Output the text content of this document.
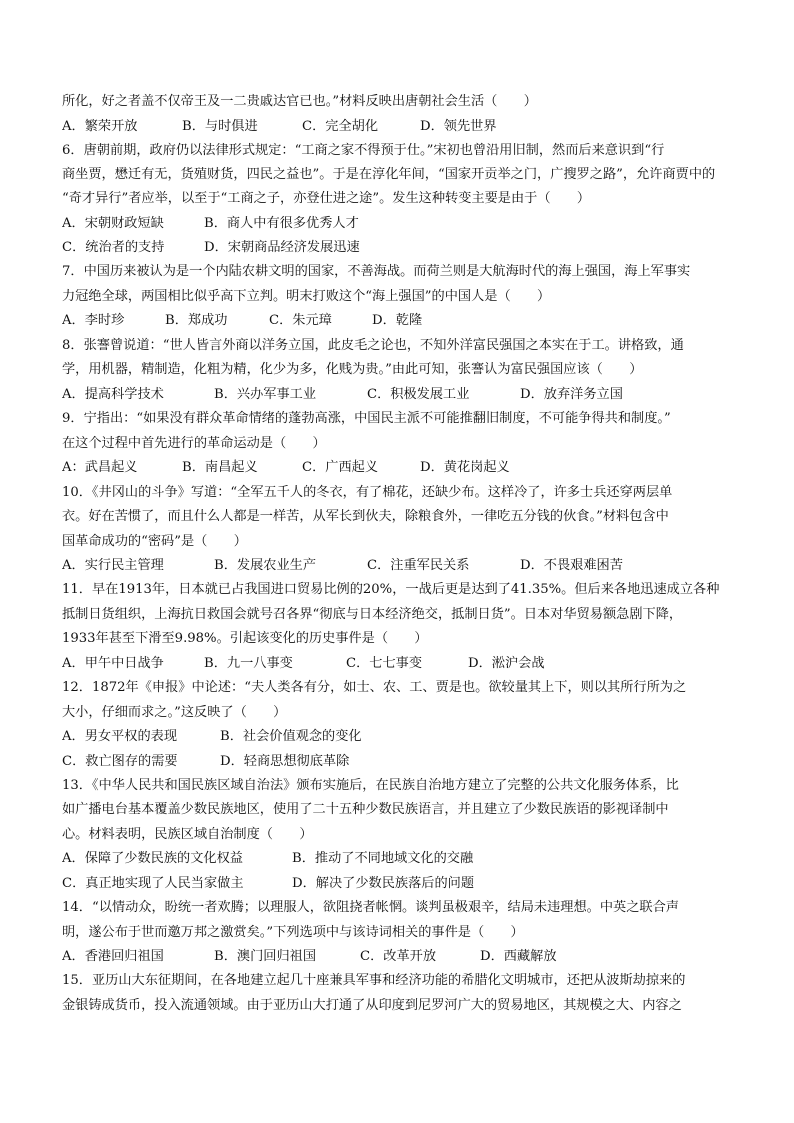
所化，好之者盖不仅帝王及一二贵戚达官已也。”材料反映出唐朝社会生活（　　）
A．繁荣开放	B．与时俱进	C．完全胡化	D．领先世界
6．唐朝前期，政府仍以法律形式规定：“工商之家不得预于仕。”宋初也曾沿用旧制，然而后来意识到“行
商坐贾，懋迁有无，货殖财货，四民之益也”。于是在淳化年间，“国家开贡举之门，广搜罗之路”，允许商贾中的
“奇才异行”者应举，以至于“工商之子，亦登仕进之途”。发生这种转变主要是由于（　　）
A．宋朝财政短缺	B．商人中有很多优秀人才
C．统治者的支持	D．宋朝商品经济发展迅速
7．中国历来被认为是一个内陆农耕文明的国家，不善海战。而荷兰则是大航海时代的海上强国，海上军事实
力冠绝全球，两国相比似乎高下立判。明末打败这个“海上强国”的中国人是（　　）
A．李时珍	B．郑成功	C．朱元璋	D．乾隆
8．张謇曾说道：“世人皆言外商以洋务立国，此皮毛之论也，不知外洋富民强国之本实在于工。讲格致，通
学，用机器，精制造，化粗为精，化少为多，化贱为贵。”由此可知，张謇认为富民强国应该（　　）
A．提高科学技术	B．兴办军事工业	C．积极发展工业	D．放弃洋务立国
9．宁指出：“如果没有群众革命情绪的蓬勃高涨，中国民主派不可能推翻旧制度，不可能争得共和制度。”
在这个过程中首先进行的革命运动是（　　）
A：武昌起义	B．南昌起义	C．广西起义	D．黄花岗起义
10．《井冈山的斗争》写道：“全军五千人的冬衣，有了棉花，还缺少布。这样冷了，许多士兵还穿两层单
衣。好在苦惯了，而且什么人都是一样苦，从军长到伙夫，除粮食外，一律吃五分钱的伙食。”材料包含中
国革命成功的“密码”是（　　）
A．实行民主管理	B．发展农业生产	C．注重军民关系	D．不畏艰难困苦
11．早在1913年，日本就已占我国进口贸易比例的20%，一战后更是达到了41.35%。但后来各地迅速成立各种
抵制日货组织，上海抗日救国会就号召各界“彻底与日本经济绝交，抵制日货”。日本对华贸易额急剧下降，
1933年甚至下滑至9.98%。引起该变化的历史事件是（　　）
A．甲午中日战争	B．九一八事变	C．七七事变	D．淞沪会战
12．1872年《申报》中论述：“夫人类各有分，如士、农、工、贾是也。欲较量其上下，则以其所行所为之
大小，仔细而求之。”这反映了（　　）
A．男女平权的表现	B．社会价值观念的变化
C．救亡图存的需要	D．轻商思想彻底革除
13．《中华人民共和国民族区域自治法》颁布实施后，在民族自治地方建立了完整的公共文化服务体系，比
如广播电台基本覆盖少数民族地区，使用了二十五种少数民族语言，并且建立了少数民族语的影视译制中
心。材料表明，民族区域自治制度（　　）
A．保障了少数民族的文化权益	B．推动了不同地域文化的交融
C．真正地实现了人民当家做主	D．解决了少数民族落后的问题
14．“以情动众，盼统一者欢腾；以理服人，欲阻挠者帐惘。谈判虽极艰辛，结局未违理想。中英之联合声
明，遂公布于世而邀万邦之激赏矣。”下列选项中与该诗词相关的事件是（　　）
A．香港回归祖国	B．澳门回归祖国	C．改革开放	D．西藏解放
15．亚历山大东征期间，在各地建立起几十座兼具军事和经济功能的希腊化文明城市，还把从波斯劫掠来的
金银铸成货币，投入流通领域。由于亚历山大打通了从印度到尼罗河广大的贸易地区，其规模之大、内容之
